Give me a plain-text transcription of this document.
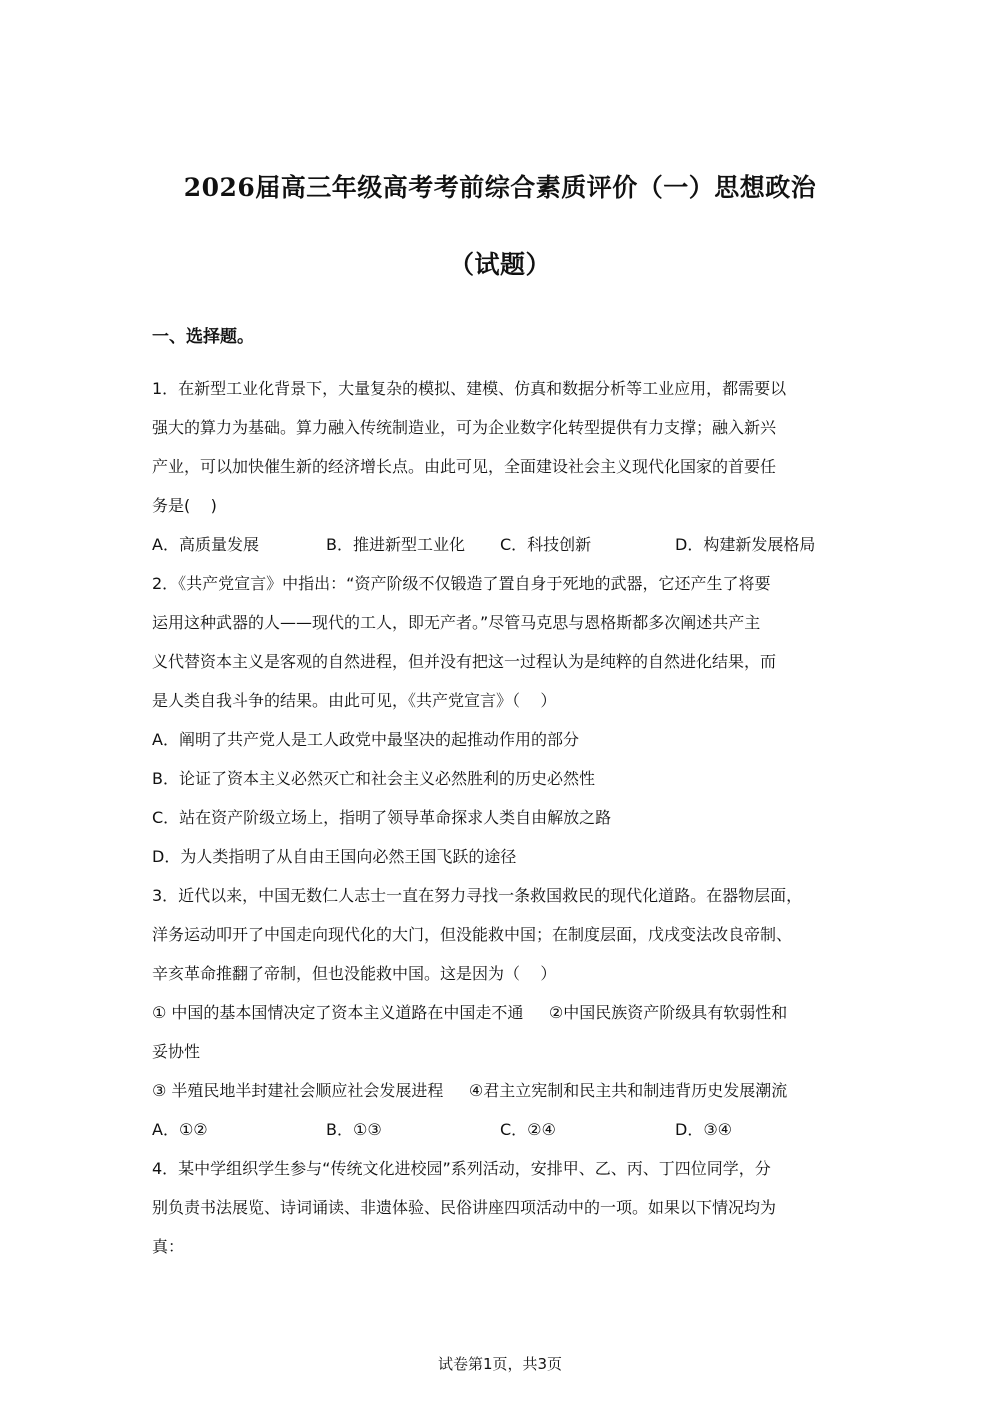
2026届高三年级高考考前综合素质评价（一）思想政治
（试题）
一、选择题。
1．在新型工业化背景下，大量复杂的模拟、建模、仿真和数据分析等工业应用，都需要以
强大的算力为基础。算力融入传统制造业，可为企业数字化转型提供有力支撑；融入新兴
产业，可以加快催生新的经济增长点。由此可见，全面建设社会主义现代化国家的首要任
务是(    )
A．高质量发展	B．推进新型工业化 C．科技创新	D．构建新发展格局
2．《共产党宣言》中指出：“资产阶级不仅锻造了置自身于死地的武器，它还产生了将要
运用这种武器的人——现代的工人，即无产者。”尽管马克思与恩格斯都多次阐述共产主
义代替资本主义是客观的自然进程，但并没有把这一过程认为是纯粹的自然进化结果，而
是人类自我斗争的结果。由此可见，《共产党宣言》（    ）
A．阐明了共产党人是工人政党中最坚决的起推动作用的部分
B．论证了资本主义必然灭亡和社会主义必然胜利的历史必然性
C．站在资产阶级立场上，指明了领导革命探求人类自由解放之路
D．为人类指明了从自由王国向必然王国飞跃的途径
3．近代以来，中国无数仁人志士一直在努力寻找一条救国救民的现代化道路。在器物层面，
洋务运动叩开了中国走向现代化的大门，但没能救中国；在制度层面，戊戌变法改良帝制、
辛亥革命推翻了帝制，但也没能救中国。这是因为（    ）
① 中国的基本国情决定了资本主义道路在中国走不通     ②中国民族资产阶级具有软弱性和
妥协性
③ 半殖民地半封建社会顺应社会发展进程     ④君主立宪制和民主共和制违背历史发展潮流
A．①②	B．①③	C．②④	D．③④
4．某中学组织学生参与“传统文化进校园”系列活动，安排甲、乙、丙、丁四位同学，分
别负责书法展览、诗词诵读、非遗体验、民俗讲座四项活动中的一项。如果以下情况均为
真：
试卷第1页，共3页
